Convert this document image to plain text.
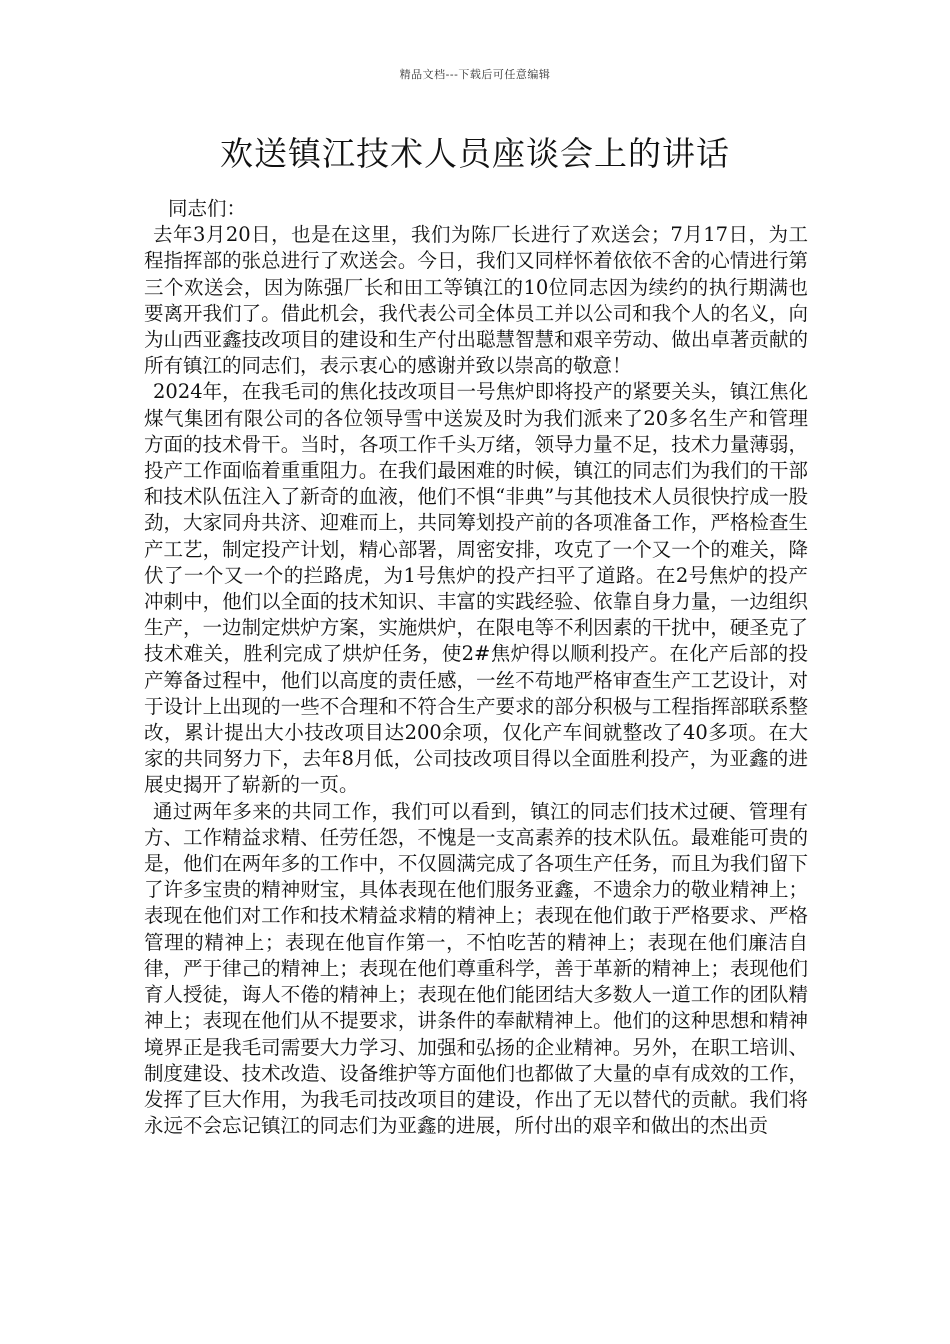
精品文档---下载后可任意编辑
欢送镇江技术人员座谈会上的讲话

同志们：

去年3月20日，也是在这里，我们为陈厂长进行了欢送会；7月17日，为工程指挥部的张总进行了欢送会。今日，我们又同样怀着依依不舍的心情进行第三个欢送会，因为陈强厂长和田工等镇江的10位同志因为续约的执行期满也要离开我们了。借此机会，我代表公司全体员工并以公司和我个人的名义，向为山西亚鑫技改项目的建设和生产付出聪慧智慧和艰辛劳动、做出卓著贡献的所有镇江的同志们，表示衷心的感谢并致以崇高的敬意！

2024年，在我毛司的焦化技改项目一号焦炉即将投产的紧要关头，镇江焦化煤气集团有限公司的各位领导雪中送炭及时为我们派来了20多名生产和管理方面的技术骨干。当时，各项工作千头万绪，领导力量不足，技术力量薄弱，投产工作面临着重重阻力。在我们最困难的时候，镇江的同志们为我们的干部和技术队伍注入了新奇的血液，他们不惧“非典”与其他技术人员很快拧成一股劲，大家同舟共济、迎难而上，共同筹划投产前的各项准备工作，严格检查生产工艺，制定投产计划，精心部署，周密安排，攻克了一个又一个的难关，降伏了一个又一个的拦路虎，为1号焦炉的投产扫平了道路。在2号焦炉的投产冲刺中，他们以全面的技术知识、丰富的实践经验、依靠自身力量，一边组织生产，一边制定烘炉方案，实施烘炉，在限电等不利因素的干扰中，硬圣克了技术难关，胜利完成了烘炉任务，使2#焦炉得以顺利投产。在化产后部的投产筹备过程中，他们以高度的责任感，一丝不苟地严格审查生产工艺设计，对于设计上出现的一些不合理和不符合生产要求的部分积极与工程指挥部联系整改，累计提出大小技改项目达200余项，仅化产车间就整改了40多项。在大家的共同努力下，去年8月低，公司技改项目得以全面胜利投产，为亚鑫的进展史揭开了崭新的一页。

通过两年多来的共同工作，我们可以看到，镇江的同志们技术过硬、管理有方、工作精益求精、任劳任怨，不愧是一支高素养的技术队伍。最难能可贵的是，他们在两年多的工作中，不仅圆满完成了各项生产任务，而且为我们留下了许多宝贵的精神财宝，具体表现在他们服务亚鑫，不遗余力的敬业精神上；表现在他们对工作和技术精益求精的精神上；表现在他们敢于严格要求、严格管理的精神上；表现在他盲作第一，不怕吃苦的精神上；表现在他们廉洁自律，严于律己的精神上；表现在他们尊重科学，善于革新的精神上；表现他们育人授徒，诲人不倦的精神上；表现在他们能团结大多数人一道工作的团队精神上；表现在他们从不提要求，讲条件的奉献精神上。他们的这种思想和精神境界正是我毛司需要大力学习、加强和弘扬的企业精神。另外，在职工培训、制度建设、技术改造、设备维护等方面他们也都做了大量的卓有成效的工作，发挥了巨大作用，为我毛司技改项目的建设，作出了无以替代的贡献。我们将永远不会忘记镇江的同志们为亚鑫的进展，所付出的艰辛和做出的杰出贡
